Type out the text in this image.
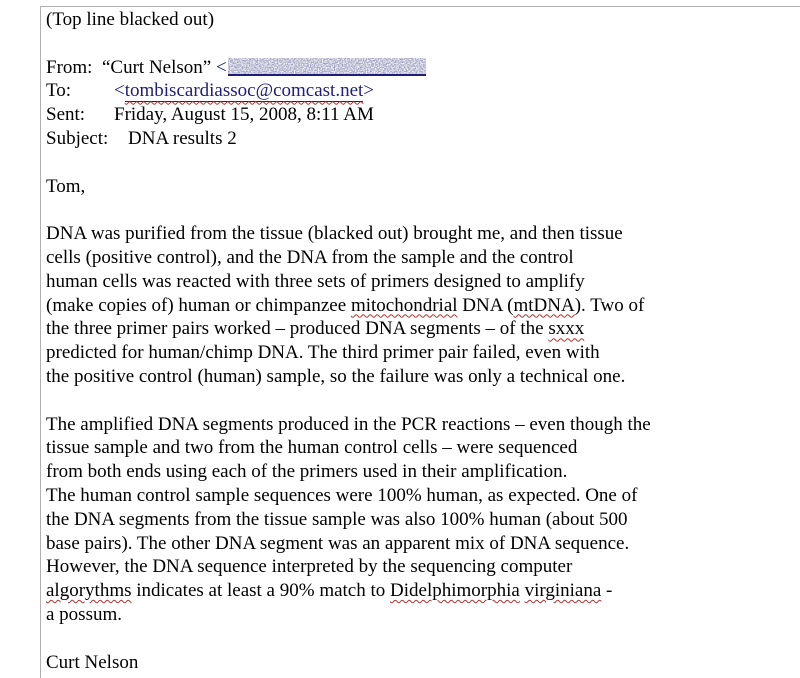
(Top line blacked out)
From: “Curt Nelson” <
To: <tombiscardiassoc@comcast.net>
Sent: Friday, August 15, 2008, 8:11 AM
Subject: DNA results 2
Tom,
DNA was purified from the tissue (blacked out) brought me, and then tissue
cells (positive control), and the DNA from the sample and the control
human cells was reacted with three sets of primers designed to amplify
(make copies of) human or chimpanzee mitochondrial DNA (mtDNA). Two of
the three primer pairs worked – produced DNA segments – of the sxxx
predicted for human/chimp DNA. The third primer pair failed, even with
the positive control (human) sample, so the failure was only a technical one.
The amplified DNA segments produced in the PCR reactions – even though the
tissue sample and two from the human control cells – were sequenced
from both ends using each of the primers used in their amplification.
The human control sample sequences were 100% human, as expected. One of
the DNA segments from the tissue sample was also 100% human (about 500
base pairs). The other DNA segment was an apparent mix of DNA sequence.
However, the DNA sequence interpreted by the sequencing computer
algorythms indicates at least a 90% match to Didelphimorphia virginiana -
a possum.
Curt Nelson
